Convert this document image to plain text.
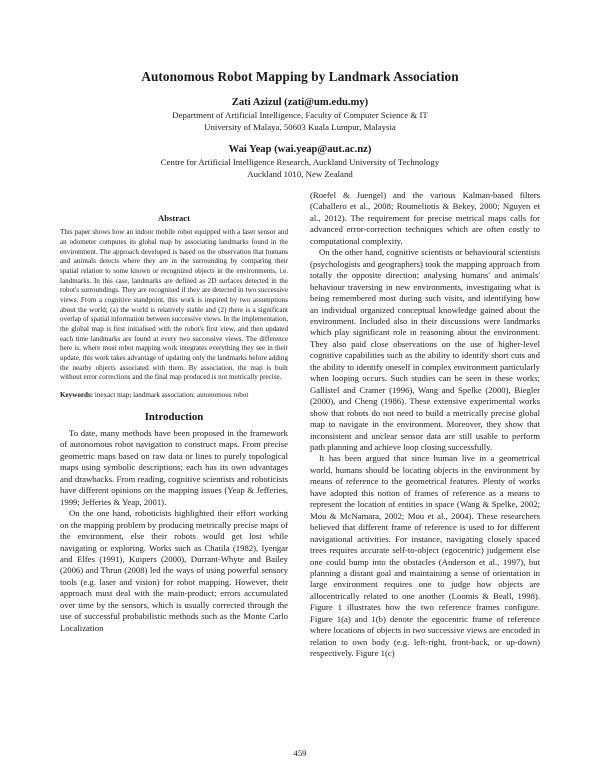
Autonomous Robot Mapping by Landmark Association
Zati Azizul (zati@um.edu.my)
Department of Artificial Intelligence, Faculty of Computer Science & IT
University of Malaya, 50603 Kuala Lumpur, Malaysia
Wai Yeap (wai.yeap@aut.ac.nz)
Centre for Artificial Intelligence Research, Auckland University of Technology
Auckland 1010, New Zealand
Abstract

This paper shows how an indoor mobile robot equipped with a laser sensor and an odometer computes its global map by associating landmarks found in the environment. The approach developed is based on the observation that humans and animals detects where they are in the surrounding by comparing their spatial relation to some known or recognized objects in the environments, i.e. landmarks. In this case, landmarks are defined as 2D surfaces detected in the robot's surroundings. They are recognised if they are detected in two successive views. From a cognitive standpoint, this work is inspired by two assumptions about the world; (a) the world is relatively stable and (2) there is a significant overlap of spatial information between successive views. In the implementation, the global map is first initialised with the robot's first view, and then updated each time landmarks are found at every two successive views. The difference here is, where most robot mapping work integrates everything they see in their update, this work takes advantage of updating only the landmarks before adding the nearby objects associated with them. By association, the map is built without error corrections and the final map produced is not metrically precise.

Keywords: inexact map; landmark association; autonomous robot
Introduction

To date, many methods have been proposed in the framework of autonomous robot navigation to construct maps. From precise geometric maps based on raw data or lines to purely topological maps using symbolic descriptions; each has its own advantages and drawbacks. From reading, cognitive scientists and roboticists have different opinions on the mapping issues (Yeap & Jefferies, 1999; Jefferies & Yeap, 2001).

On the one hand, roboticists highlighted their effort working on the mapping problem by producing metrically precise maps of the environment, else their robots would get lost while navigating or exploring. Works such as Chatila (1982), Iyengar and Elfes (1991), Kuipers (2000), Durrant-Whyte and Bailey (2006) and Thrun (2008) led the ways of using powerful sensory tools (e.g. laser and vision) for robot mapping. However, their approach must deal with the main-product; errors accumulated over time by the sensors, which is usually corrected through the use of successful probabilistic methods such as the Monte Carlo Localization

(Roefel & Juengel) and the various Kalman-based filters (Caballero et al., 2008; Roumeliotis & Bekey, 2000; Nguyen et al., 2012). The requirement for precise metrical maps calls for advanced error-correction techniques which are often costly to computational complexity.

On the other hand, cognitive scientists or behavioural scientists (psychologists and geographers) took the mapping approach from totally the opposite direction; analysing humans' and animals' behaviour traversing in new environments, investigating what is being remembered most during such visits, and identifying how an individual organized conceptual knowledge gained about the environment. Included also in their discussions were landmarks which play significant role in reasoning about the environment. They also paid close observations on the use of higher-level cognitive capabilities such as the ability to identify short cuts and the ability to identify oneself in complex environment particularly when looping occurs. Such studies can be seen in these works; Gallistel and Cramer (1996), Wang and Spelke (2000), Biegler (2000), and Cheng (1986). These extensive experimental works show that robots do not need to build a metrically precise global map to navigate in the environment. Moreover, they show that inconsistent and unclear sensor data are still usable to perform path planning and achieve loop closing successfully.

It has been argued that since human live in a geometrical world, humans should be locating objects in the environment by means of reference to the geometrical features. Plenty of works have adopted this notion of frames of reference as a means to represent the location of entities in space (Wang & Spelke, 2002; Mou & McNamara, 2002; Mou et al., 2004). These researchers believed that different frame of reference is used to for different navigational activities. For instance, navigating closely spaced trees requires accurate self-to-object (egocentric) judgement else one could bump into the obstacles (Anderson et al., 1997), but planning a distant goal and maintaining a sense of orientation in large environment requires one to judge how objects are allocentrically related to one another (Loomis & Beall, 1998). Figure 1 illustrates how the two reference frames configure. Figure 1(a) and 1(b) denote the egocentric frame of reference where locations of objects in two successive views are encoded in relation to own body (e.g. left-right, front-back, or up-down) respectively. Figure 1(c)

459
